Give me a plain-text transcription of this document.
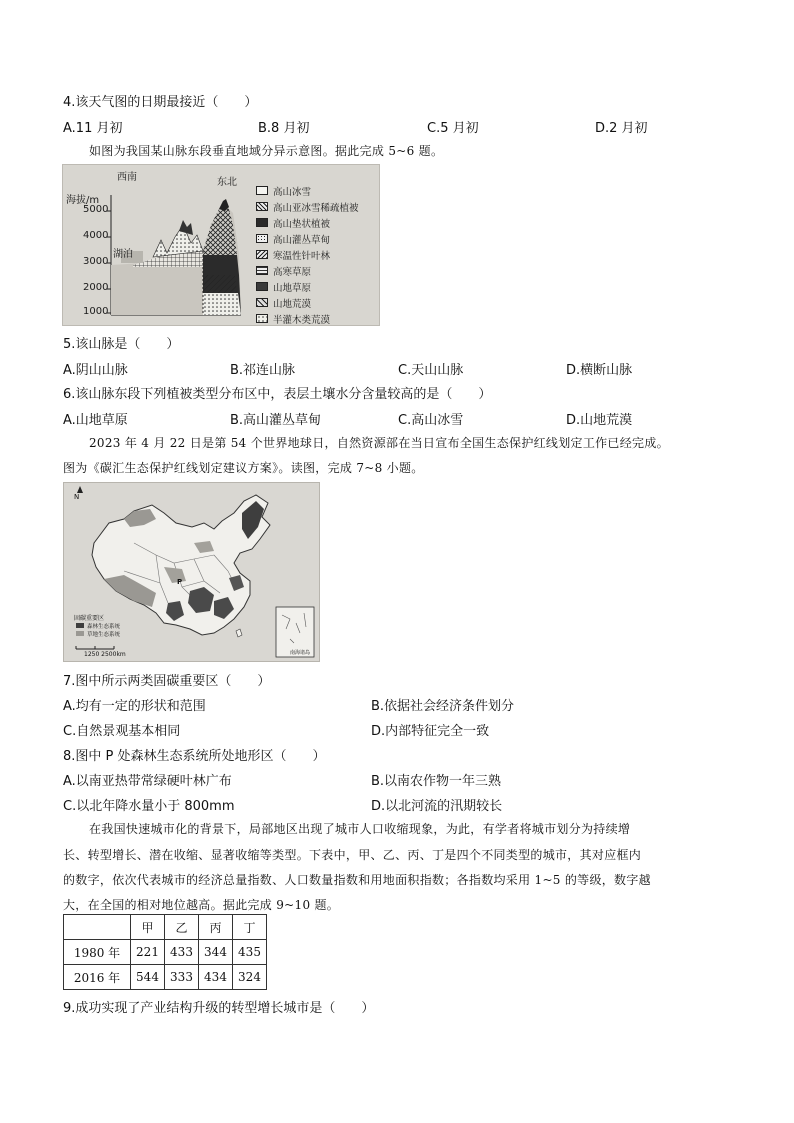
4.该天气图的日期最接近（　　）
A.11 月初	B.8 月初	C.5 月初	D.2 月初
如图为我国某山脉东段垂直地域分异示意图。据此完成 5~6 题。
西南	东北
海拔/m
5000
4000
3000
2000
1000
湖泊
高山冰雪
高山亚冰雪稀疏植被
高山垫状植被
高山灌丛草甸
寒温性针叶林
高寒草原
山地草原
山地荒漠
半灌木类荒漠
5.该山脉是（　　）
A.阴山山脉	B.祁连山脉	C.天山山脉	D.横断山脉
6.该山脉东段下列植被类型分布区中，表层土壤水分含量较高的是（　　）
A.山地草原	B.高山灌丛草甸	C.高山冰雪	D.山地荒漠
2023 年 4 月 22 日是第 54 个世界地球日，自然资源部在当日宣布全国生态保护红线划定工作已经完成。
图为《碳汇生态保护红线划定建议方案》。读图，完成 7~8 小题。
N
固碳重要区
森林生态系统
草地生态系统
1250 2500km
P
南海诸岛
7.图中所示两类固碳重要区（　　）
A.均有一定的形状和范围	B.依据社会经济条件划分
C.自然景观基本相同	D.内部特征完全一致
8.图中 P 处森林生态系统所处地形区（　　）
A.以南亚热带常绿硬叶林广布	B.以南农作物一年三熟
C.以北年降水量小于 800mm	D.以北河流的汛期较长
在我国快速城市化的背景下，局部地区出现了城市人口收缩现象，为此，有学者将城市划分为持续增
长、转型增长、潜在收缩、显著收缩等类型。下表中，甲、乙、丙、丁是四个不同类型的城市，其对应框内
的数字，依次代表城市的经济总量指数、人口数量指数和用地面积指数；各指数均采用 1~5 的等级，数字越
大，在全国的相对地位越高。据此完成 9~10 题。
	甲	乙	丙	丁
1980 年	221	433	344	435
2016 年	544	333	434	324
9.成功实现了产业结构升级的转型增长城市是（　　）
